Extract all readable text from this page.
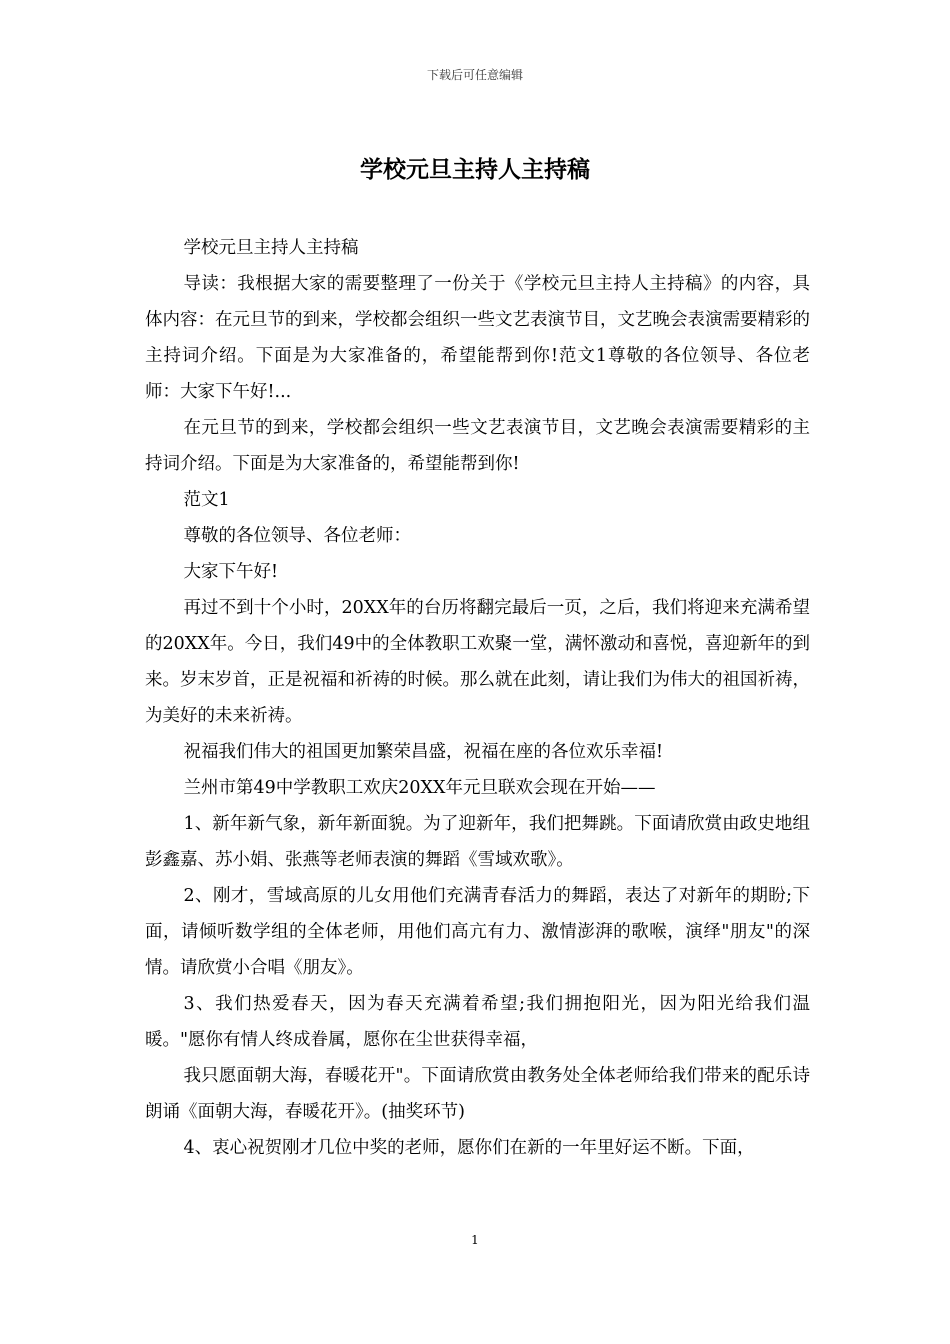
下载后可任意编辑
学校元旦主持人主持稿

学校元旦主持人主持稿

导读：我根据大家的需要整理了一份关于《学校元旦主持人主持稿》的内容，具体内容：在元旦节的到来，学校都会组织一些文艺表演节目，文艺晚会表演需要精彩的主持词介绍。下面是为大家准备的，希望能帮到你!范文1尊敬的各位领导、各位老师：大家下午好!...

在元旦节的到来，学校都会组织一些文艺表演节目，文艺晚会表演需要精彩的主持词介绍。下面是为大家准备的，希望能帮到你!

范文1

尊敬的各位领导、各位老师：

大家下午好!

再过不到十个小时，20XX年的台历将翻完最后一页，之后，我们将迎来充满希望的20XX年。今日，我们49中的全体教职工欢聚一堂，满怀激动和喜悦，喜迎新年的到来。岁末岁首，正是祝福和祈祷的时候。那么就在此刻，请让我们为伟大的祖国祈祷，为美好的未来祈祷。

祝福我们伟大的祖国更加繁荣昌盛，祝福在座的各位欢乐幸福!

兰州市第49中学教职工欢庆20XX年元旦联欢会现在开始——

1、新年新气象，新年新面貌。为了迎新年，我们把舞跳。下面请欣赏由政史地组彭鑫嘉、苏小娟、张燕等老师表演的舞蹈《雪域欢歌》。

2、刚才，雪域高原的儿女用他们充满青春活力的舞蹈，表达了对新年的期盼;下面，请倾听数学组的全体老师，用他们高亢有力、激情澎湃的歌喉，演绎"朋友"的深情。请欣赏小合唱《朋友》。

3、我们热爱春天，因为春天充满着希望;我们拥抱阳光，因为阳光给我们温暖。"愿你有情人终成眷属，愿你在尘世获得幸福，

我只愿面朝大海，春暖花开"。下面请欣赏由教务处全体老师给我们带来的配乐诗朗诵《面朝大海，春暖花开》。(抽奖环节)

4、衷心祝贺刚才几位中奖的老师，愿你们在新的一年里好运不断。下面，

1
